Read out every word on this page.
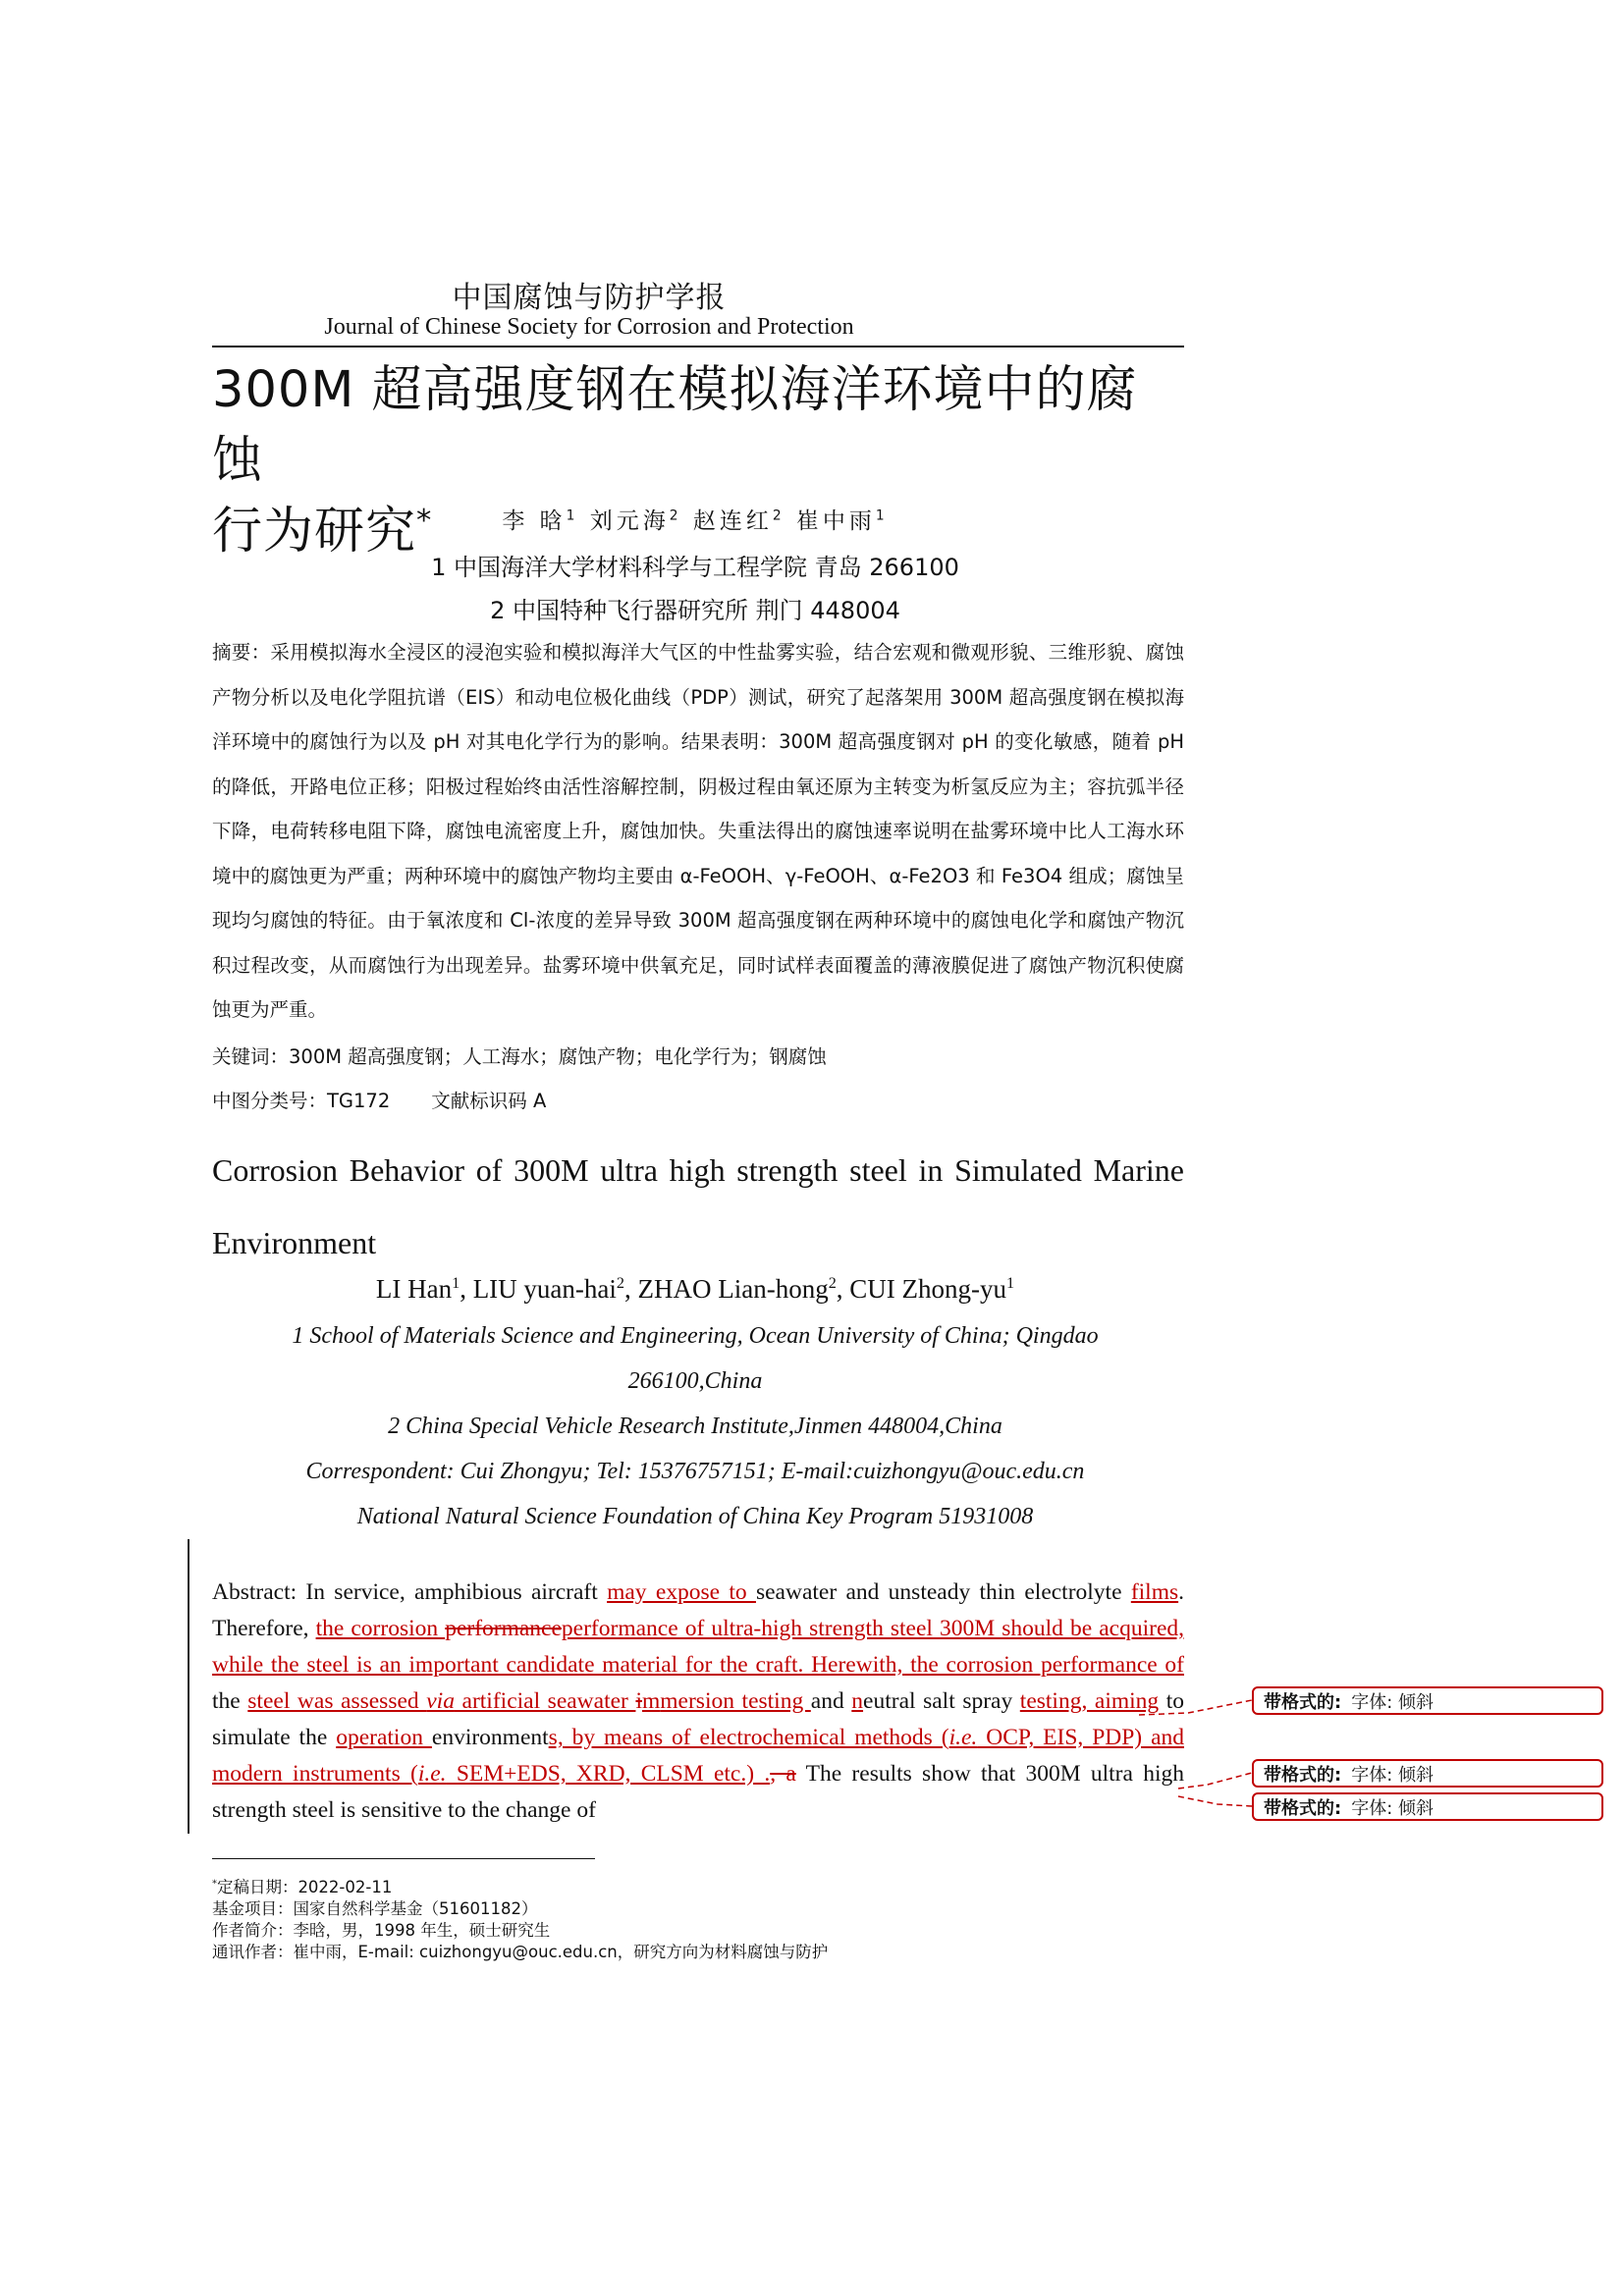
中国腐蚀与防护学报
Journal of Chinese Society for Corrosion and Protection
300M 超高强度钢在模拟海洋环境中的腐蚀
行为研究*	李 晗$^1$ 刘元海$^2$ 赵连红$^2$ 崔中雨$^1$
1 中国海洋大学材料科学与工程学院 青岛 266100
2 中国特种飞行器研究所 荆门 448004
摘要：采用模拟海水全浸区的浸泡实验和模拟海洋大气区的中性盐雾实验，结合宏观和微观形貌、三维形貌、腐蚀产物分析以及电化学阻抗谱（EIS）和动电位极化曲线（PDP）测试，研究了起落架用 300M 超高强度钢在模拟海洋环境中的腐蚀行为以及 pH 对其电化学行为的影响。结果表明：300M 超高强度钢对 pH 的变化敏感，随着 pH 的降低，开路电位正移；阳极过程始终由活性溶解控制，阴极过程由氧还原为主转变为析氢反应为主；容抗弧半径下降，电荷转移电阻下降，腐蚀电流密度上升，腐蚀加快。失重法得出的腐蚀速率说明在盐雾环境中比人工海水环境中的腐蚀更为严重；两种环境中的腐蚀产物均主要由 α-FeOOH、γ-FeOOH、α-Fe2O3 和 Fe3O4 组成；腐蚀呈现均匀腐蚀的特征。由于氧浓度和 Cl-浓度的差异导致 300M 超高强度钢在两种环境中的腐蚀电化学和腐蚀产物沉积过程改变，从而腐蚀行为出现差异。盐雾环境中供氧充足，同时试样表面覆盖的薄液膜促进了腐蚀产物沉积使腐蚀更为严重。
关键词：300M 超高强度钢；人工海水；腐蚀产物；电化学行为；钢腐蚀
中图分类号：TG172 文献标识码 A
Corrosion Behavior of 300M ultra high strength steel in Simulated Marine Environment
LI Han$^1$, LIU yuan-hai$^2$, ZHAO Lian-hong$^2$, CUI Zhong-$yu^1$
1 School of Materials Science and Engineering, Ocean University of China; Qingdao
266100,China
2 China Special Vehicle Research Institute,Jinmen 448004,China
Correspondent: Cui Zhongyu; Tel: 15376757151; E-mail:cuizhongyu@ouc.edu.cn
National Natural Science Foundation of China Key Program 51931008
Abstract: In service, amphibious aircraft may expose to seawater and unsteady thin electrolyte films. Therefore, the corrosion performanceperformance of ultra-high strength steel 300M should be acquired, while the steel is an important candidate material for the craft. Herewith, the corrosion performance of the steel was assessed via artificial seawater immersion testing and neutral salt spray testing, aiming to simulate the operation environments, by means of electrochemical methods (i.e. OCP, EIS, PDP) and modern instruments (i.e. SEM+EDS, XRD, CLSM etc.) ., a The results show that 300M ultra high strength steel is sensitive to the change of
带格式的: 字体: 倾斜
带格式的: 字体: 倾斜
带格式的: 字体: 倾斜
*定稿日期：2022-02-11
基金项目：国家自然科学基金（51601182）
作者简介：李晗，男，1998 年生，硕士研究生
通讯作者：崔中雨，E-mail: cuizhongyu@ouc.edu.cn，研究方向为材料腐蚀与防护
